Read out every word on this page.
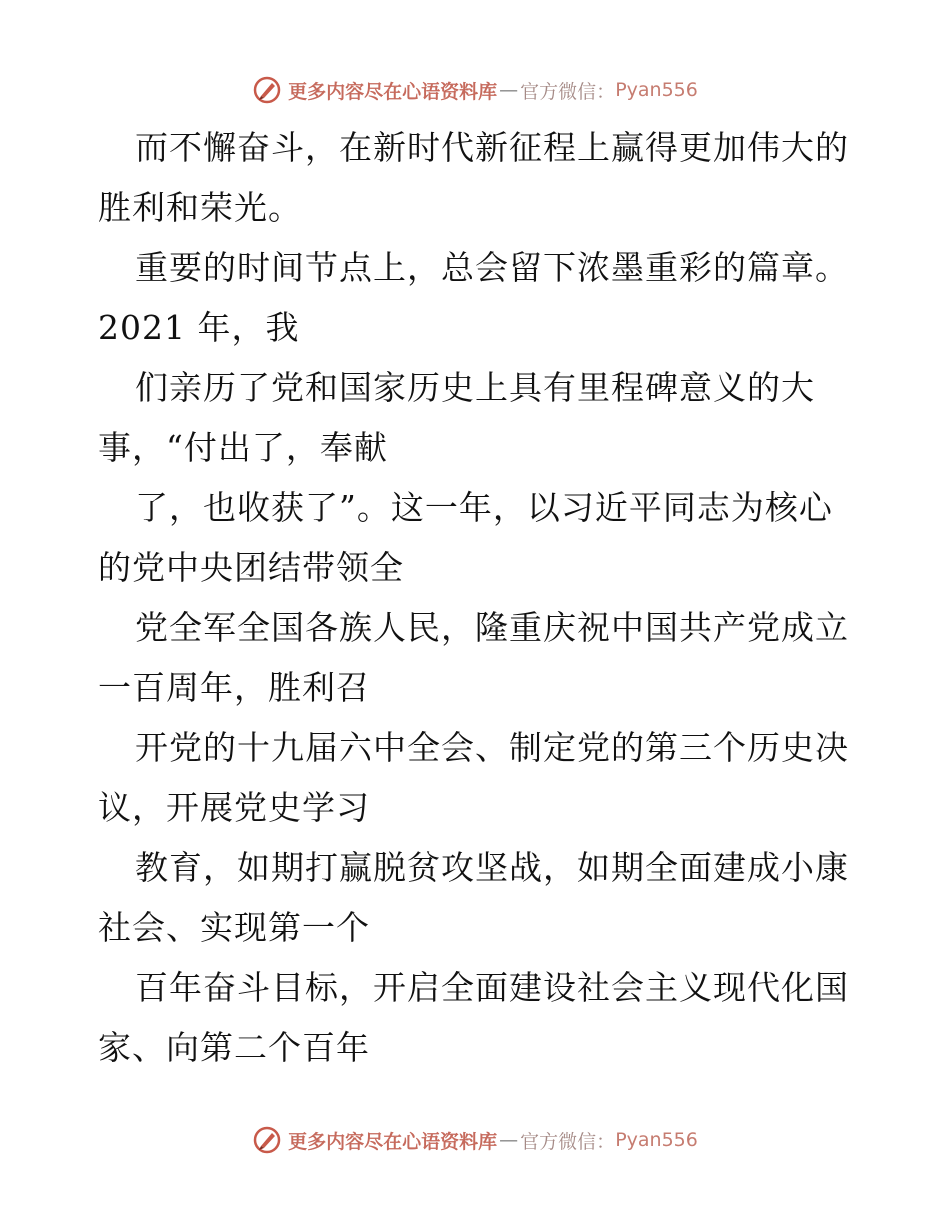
更多内容尽在心语资料库 — 官方微信： Pyan556
而不懈奋斗，在新时代新征程上赢得更加伟大的
胜利和荣光。
重要的时间节点上，总会留下浓墨重彩的篇章。
2021 年，我
们亲历了党和国家历史上具有里程碑意义的大
事，“付出了，奉献
了，也收获了”。这一年，以习近平同志为核心
的党中央团结带领全
党全军全国各族人民，隆重庆祝中国共产党成立
一百周年，胜利召
开党的十九届六中全会、制定党的第三个历史决
议，开展党史学习
教育，如期打赢脱贫攻坚战，如期全面建成小康
社会、实现第一个
百年奋斗目标，开启全面建设社会主义现代化国
家、向第二个百年
更多内容尽在心语资料库 — 官方微信： Pyan556
